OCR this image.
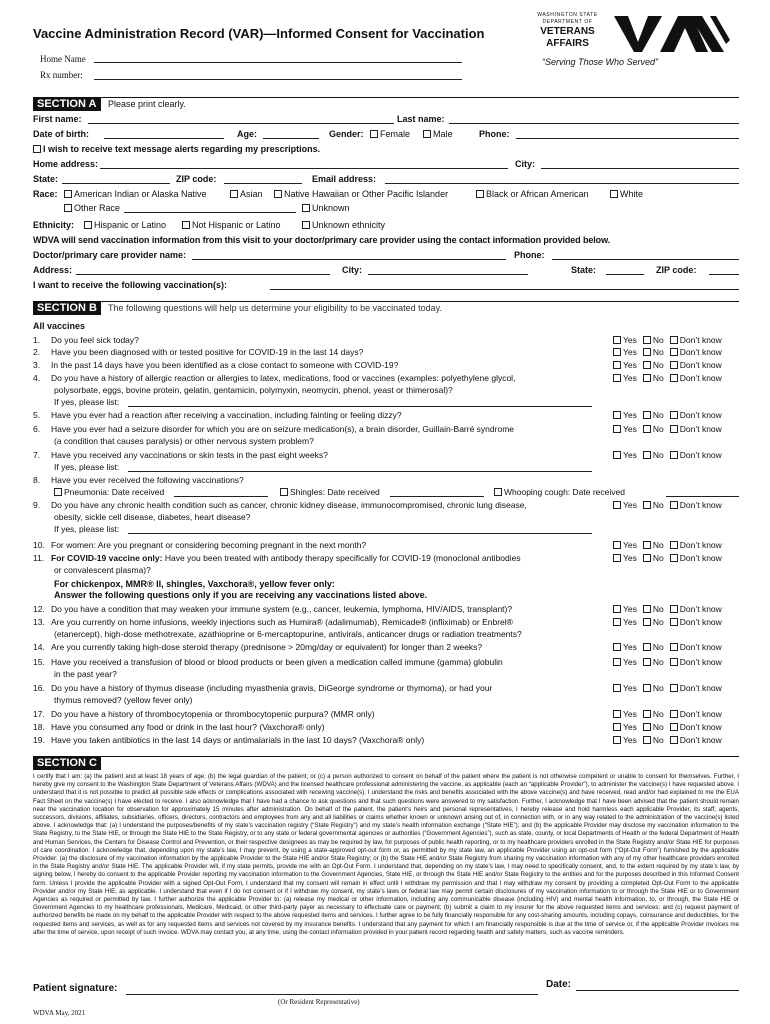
Vaccine Administration Record (VAR)—Informed Consent for Vaccination
Home Name
Rx number:
WASHINGTON STATE
DEPARTMENT OF
VETERANS
AFFAIRS
“Serving Those Who Served”
SECTION A	Please print clearly.
First name:	Last name:
Date of birth:	Age:	Gender:	Female	Male	Phone:
I wish to receive text message alerts regarding my prescriptions.
Home address:	City:
State:	ZIP code:	Email address:
Race:	American Indian or Alaska Native	Asian	Native Hawaiian or Other Pacific Islander	Black or African American	White
Other Race	Unknown
Ethnicity:	Hispanic or Latino	Not Hispanic or Latino	Unknown ethnicity
WDVA will send vaccination information from this visit to your doctor/primary care provider using the contact information provided below.
Doctor/primary care provider name:	Phone:
Address:	City:	State:	ZIP code:
I want to receive the following vaccination(s):
SECTION B	The following questions will help us determine your eligibility to be vaccinated today.
All vaccines
1. Do you feel sick today?	Yes No Don’t know
2. Have you been diagnosed with or tested positive for COVID-19 in the last 14 days?	Yes No Don’t know
3. In the past 14 days have you been identified as a close contact to someone with COVID-19?	Yes No Don’t know
4. Do you have a history of allergic reaction or allergies to latex, medications, food or vaccines (examples: polyethylene glycol,
polysorbate, eggs, bovine protein, gelatin, gentamicin, polymyxin, neomycin, phenol, yeast or thimerosal)?
If yes, please list:
Yes No Don’t know
5. Have you ever had a reaction after receiving a vaccination, including fainting or feeling dizzy?	Yes No Don’t know
6. Have you ever had a seizure disorder for which you are on seizure medication(s), a brain disorder, Guillain-Barré syndrome
(a condition that causes paralysis) or other nervous system problem?
Yes No Don’t know
7. Have you received any vaccinations or skin tests in the past eight weeks?
If yes, please list:
Yes No Don’t know
8. Have you ever received the following vaccinations?
Pneumonia: Date received	Shingles: Date received	Whooping cough: Date received
9. Do you have any chronic health condition such as cancer, chronic kidney disease, immunocompromised, chronic lung disease,
obesity, sickle cell disease, diabetes, heart disease?
If yes, please list:
Yes No Don’t know
10. For women: Are you pregnant or considering becoming pregnant in the next month?	Yes No Don’t know
11. For COVID-19 vaccine only: Have you been treated with antibody therapy specifically for COVID-19 (monoclonal antibodies
or convalescent plasma)?
Yes No Don’t know
For chickenpox, MMR® II, shingles, Vaxchora®, yellow fever only:
Answer the following questions only if you are receiving any vaccinations listed above.
12. Do you have a condition that may weaken your immune system (e.g., cancer, leukemia, lymphoma, HIV/AIDS, transplant)?	Yes No Don’t know
13. Are you currently on home infusions, weekly injections such as Humira® (adalimumab), Remicade® (infliximab) or Enbrel®
(etanercept), high-dose methotrexate, azathioprine or 6-mercaptopurine, antivirals, anticancer drugs or radiation treatments?
Yes No Don’t know
14. Are you currently taking high-dose steroid therapy (prednisone > 20mg/day or equivalent) for longer than 2 weeks?	Yes No Don’t know
15. Have you received a transfusion of blood or blood products or been given a medication called immune (gamma) globulin
in the past year?
Yes No Don’t know
16. Do you have a history of thymus disease (including myasthenia gravis, DiGeorge syndrome or thymoma), or had your
thymus removed? (yellow fever only)
Yes No Don’t know
17. Do you have a history of thrombocytopenia or thrombocytopenic purpura? (MMR only)	Yes No Don’t know
18. Have you consumed any food or drink in the last hour? (Vaxchora® only)	Yes No Don’t know
19. Have you taken antibiotics in the last 14 days or antimalarials in the last 10 days? (Vaxchora® only)	Yes No Don’t know
SECTION C
I certify that I am: (a) the patient and at least 18 years of age; (b) the legal guardian of the patient; or (c) a person authorized to consent on behalf of the patient where the patient is not otherwise competent or unable to consent for themselves. Further, I hereby give my consent to the Washington State Department of Veterans Affairs (WDVA) and the licensed healthcare professional administering the vaccine, as applicable (each an “applicable Provider”), to administer the vaccine(s) I have requested above. I understand that it is not possible to predict all possible side effects or complications associated with receiving vaccine(s). I understand the risks and benefits associated with the above vaccine(s) and have received, read and/or had explained to me the EUA Fact Sheet on the vaccine(s) I have elected to receive. I also acknowledge that I have had a chance to ask questions and that such questions were answered to my satisfaction. Further, I acknowledge that I have been advised that the patient should remain near the vaccination location for observation for approximately 15 minutes after administration. On behalf of the patient, the patient’s heirs and personal representatives, I hereby release and hold harmless each applicable Provider, its staff, agents, successors, divisions, affiliates, subsidiaries, officers, directors, contractors and employees from any and all liabilities or claims whether known or unknown arising out of, in connection with, or in any way related to the administration of the vaccine(s) listed above. I acknowledge that: (a) I understand the purposes/benefits of my state’s vaccination registry (“State Registry”) and my state’s health information exchange (“State HIE”); and (b) the applicable Provider may disclose my vaccination information to the State Registry, to the State HIE, or through the State HIE to the State Registry, or to any state or federal governmental agencies or authorities (“Government Agencies”), such as state, county, or local Departments of Health or the federal Department of Health and Human Services, the Centers for Disease Control and Prevention, or their respective designees as may be required by law, for purposes of public health reporting, or to my healthcare providers enrolled in the State Registry and/or State HIE for purposes of care coordination. I acknowledge that, depending upon my state’s law, I may prevent, by using a state-approved opt-out form or, as permitted by my state law, an applicable Provider using an opt-out form (“Opt-Out Form”) furnished by the applicable Provider: (a) the disclosure of my vaccination information by the applicable Provider to the State HIE and/or State Registry; or (b) the State HIE and/or State Registry from sharing my vaccination information with any of my other healthcare providers enrolled in the State Registry and/or State HIE. The applicable Provider will, if my state permits, provide me with an Opt-Out Form. I understand that, depending on my state’s law, I may need to specifically consent, and, to the extent required by my state’s law, by signing below, I hereby do consent to the applicable Provider reporting my vaccination information to the Government Agencies, State HIE, or through the State HIE and/or State Registry to the entities and for the purposes described in this Informed Consent form. Unless I provide the applicable Provider with a signed Opt-Out Form, I understand that my consent will remain in effect until I withdraw my permission and that I may withdraw my consent by providing a completed Opt-Out Form to the applicable Provider and/or my State HIE, as applicable. I understand that even if I do not consent or if I withdraw my consent, my state’s laws or federal law may permit certain disclosures of my vaccination information to or through the State HIE or to Government Agencies as required or permitted by law. I further authorize the applicable Provider to: (a) release my medical or other information, including any communicable disease (including HIV) and mental health information, to, or through, the State HIE or Government Agencies to my healthcare professionals, Medicare, Medicaid, or other third-party payer as necessary to effectuate care or payment; (b) submit a claim to my insurer for the above requested items and services; and (c) request payment of authorized benefits be made on my behalf to the applicable Provider with respect to the above requested items and services. I further agree to be fully financially responsible for any cost-sharing amounts, including copays, coinsurance and deductibles, for the requested items and services, as well as for any requested items and services not covered by my insurance benefits. I understand that any payment for which I am financially responsible is due at the time of service or, if the applicable Provider invoices me after the time of service, upon receipt of such invoice. WDVA may contact you, at any time, using the contact information provided in your patient record regarding health and safety matters, such as vaccine reminders.
Patient signature:	Date:
(Or Resident Representative)
WDVA May, 2021
